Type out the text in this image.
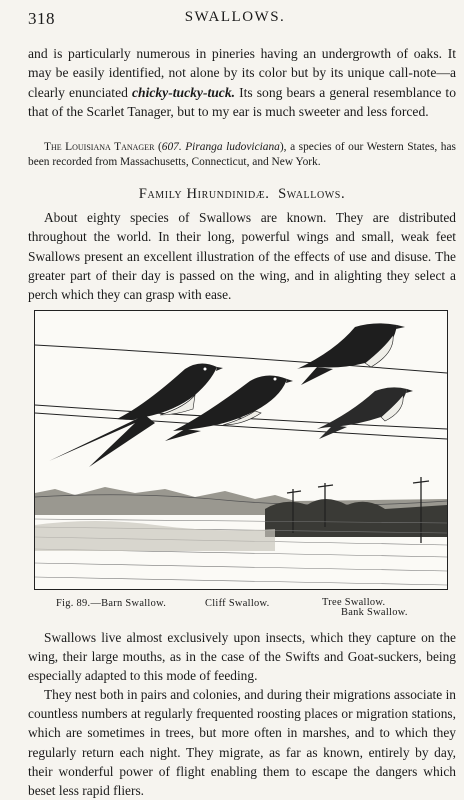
318	SWALLOWS.

and is particularly numerous in pineries having an undergrowth of oaks. It may be easily identified, not alone by its color but by its unique call-note—a clearly enunciated chicky-tucky-tuck. Its song bears a general resemblance to that of the Scarlet Tanager, but to my ear is much sweeter and less forced.

The Louisiana Tanager (607. Piranga ludoviciana), a species of our Western States, has been recorded from Massachusetts, Connecticut, and New York.

Family Hirundinidæ. Swallows.

About eighty species of Swallows are known. They are distributed throughout the world. In their long, powerful wings and small, weak feet Swallows present an excellent illustration of the effects of use and disuse. The greater part of their day is passed on the wing, and in alighting they select a perch which they can grasp with ease.

Fig. 89.—Barn Swallow.	Cliff Swallow.	Tree Swallow.
Bank Swallow.
Swallows live almost exclusively upon insects, which they capture on the wing, their large mouths, as in the case of the Swifts and Goat-suckers, being especially adapted to this mode of feeding.
They nest both in pairs and colonies, and during their migrations associate in countless numbers at regularly frequented roosting places or migration stations, which are sometimes in trees, but more often in marshes, and to which they regularly return each night. They migrate, as far as known, entirely by day, their wonderful power of flight enabling them to escape the dangers which beset less rapid fliers.
